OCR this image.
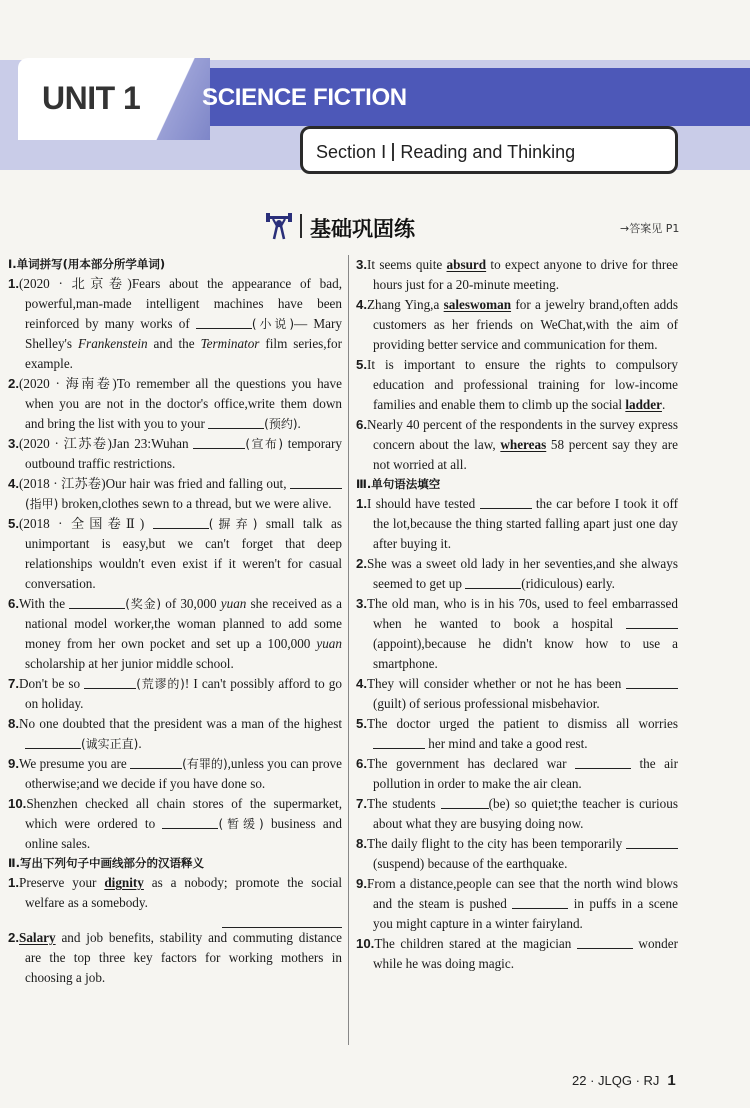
UNIT 1	SCIENCE FICTION
Section Ⅰ Reading and Thinking
基础巩固练	→答案见 P1

Ⅰ.单词拼写(用本部分所学单词)

1.(2020 · 北京卷)Fears about the appearance of bad, powerful,man-made intelligent machines have been reinforced by many works of	(小说)— Mary Shelley's Frankenstein and the Terminator film series,for example.

2.(2020 · 海南卷)To remember all the questions you have when you are not in the doctor's office,write them down and bring the list with you to your	(预约).

3.(2020 · 江苏卷)Jan 23:Wuhan	(宣布) temporary outbound traffic restrictions.

4.(2018 · 江苏卷)Our hair was fried and falling out, (指甲) broken,clothes sewn to a thread, but we were alive.

5.(2018 · 全国卷Ⅱ)	(摒弃) small talk as unimportant is easy,but we can't forget that deep relationships wouldn't even exist if it weren't for casual conversation.

6.With the	(奖金) of 30,000 yuan she received as a national model worker,the woman planned to add some money from her own pocket and set up a 100,000 yuan scholarship at her junior middle school.

7.Don't be so	(荒谬的)! I can't possibly afford to go on holiday.

8.No one doubted that the president was a man of the highest (诚实正直).

9.We presume you are	(有罪的),unless you can prove otherwise;and we decide if you have done so.

10.Shenzhen checked all chain stores of the supermarket, which were ordered to	(暂缓) business and online sales.

Ⅱ.写出下列句子中画线部分的汉语释义

1.Preserve your dignity as a nobody; promote the social welfare as a somebody.

2.Salary and job benefits, stability and commuting distance are the top three key factors for working mothers in choosing a job.

3.It seems quite absurd to expect anyone to drive for three hours just for a 20-minute meeting.

4.Zhang Ying,a saleswoman for a jewelry brand,often adds customers as her friends on WeChat,with the aim of providing better service and communication for them.

5.It is important to ensure the rights to compulsory education and professional training for low-income families and enable them to climb up the social ladder.

6.Nearly 40 percent of the respondents in the survey express concern about the law, whereas 58 percent say they are not worried at all.

Ⅲ.单句语法填空

1.I should have tested	the car before I took it off the lot,because the thing started falling apart just one day after buying it.

2.She was a sweet old lady in her seventies,and she always seemed to get up	(ridiculous) early.

3.The old man, who is in his 70s, used to feel embarrassed when he wanted to book a hospital (appoint),because he didn't know how to use a smartphone.

4.They will consider whether or not he has been (guilt) of serious professional misbehavior.

5.The doctor urged the patient to dismiss all worries  her mind and take a good rest.

6.The government has declared war	the air pollution in order to make the air clean.

7.The students	(be) so quiet;the teacher is curious about what they are busying doing now.

8.The daily flight to the city has been temporarily (suspend) because of the earthquake.

9.From a distance,people can see that the north wind blows and the steam is pushed	in puffs in a scene you might capture in a winter fairyland.

10.The children stared at the magician	wonder while he was doing magic.

22 · JLQG · RJ 1
